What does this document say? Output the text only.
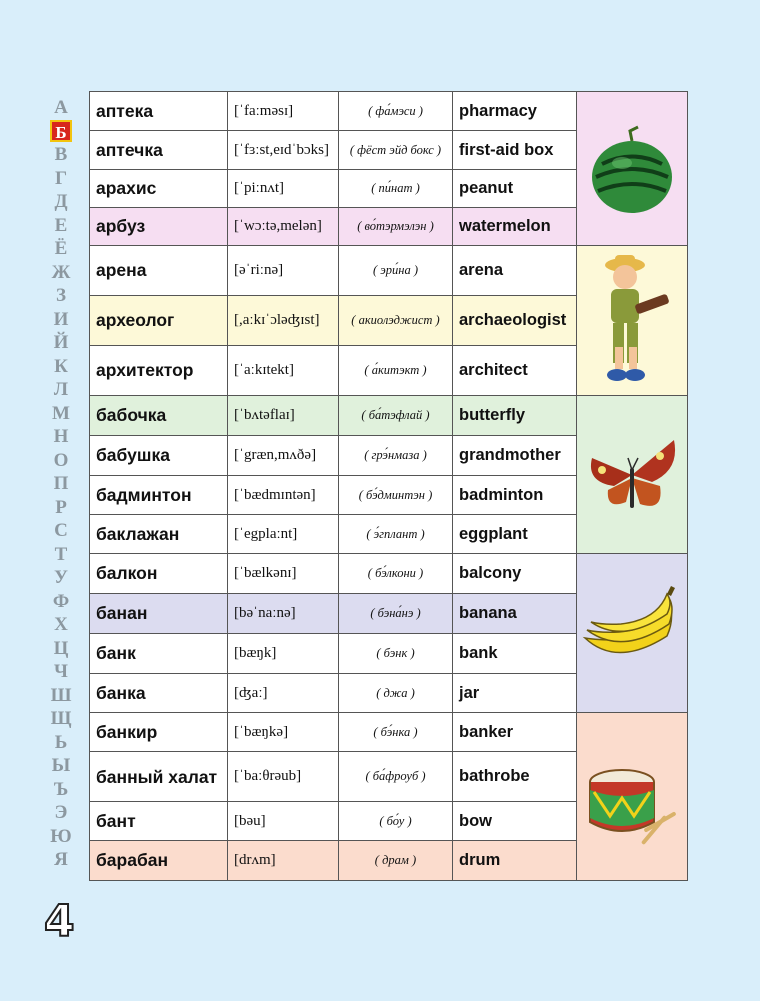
А
Б
В
Г
Д
Е
Ё
Ж
З
И
Й
К
Л
М
Н
О
П
Р
С
Т
У
Ф
Х
Ц
Ч
Ш
Щ
Ь
Ы
Ъ
Э
Ю
Я
аптека	[ˈfaːməsɪ]	( фа́мэси )	pharmacy	

аптечка	[ˈfɜːst,eɪdˈbɔks]	( фёст эйд бокс )	first-aid box	
арахис	[ˈpiːnʌt]	( пи́нат )	peanut	
арбуз	[ˈwɔːtə,melən]	( во́тэрмэлэн )	watermelon	
арена	[əˈriːnə]	( эри́на )	arena	

археолог	[,aːkɪˈɔləʤɪst]	( акиолэджист )	archaeologist	
архитектор	[ˈaːkɪtekt]	( а́китэкт )	architect	
бабочка	[ˈbʌtəflaɪ]	( ба́тэфлай )	butterfly	

бабушка	[ˈgræn,mʌðə]	( грэ́нмаза )	grandmother	
бадминтон	[ˈbædmɪntən]	( бэ́дминтэн )	badminton	
баклажан	[ˈegplaːnt]	( э́гплант )	eggplant	
балкон	[ˈbælkənɪ]	( бэ́лкони )	balcony	

банан	[bəˈnaːnə]	( бэна́нэ )	banana	
банк	[bæŋk]	( бэнк )	bank	
банка	[ʤaː]	( джа )	jar	
банкир	[ˈbæŋkə]	( бэ́нка )	banker	

банный халат	[ˈbaːθrəub]	( ба́фроуб )	bathrobe	
бант	[bəu]	( бо́у )	bow	
барабан	[drʌm]	( драм )	drum	
4
